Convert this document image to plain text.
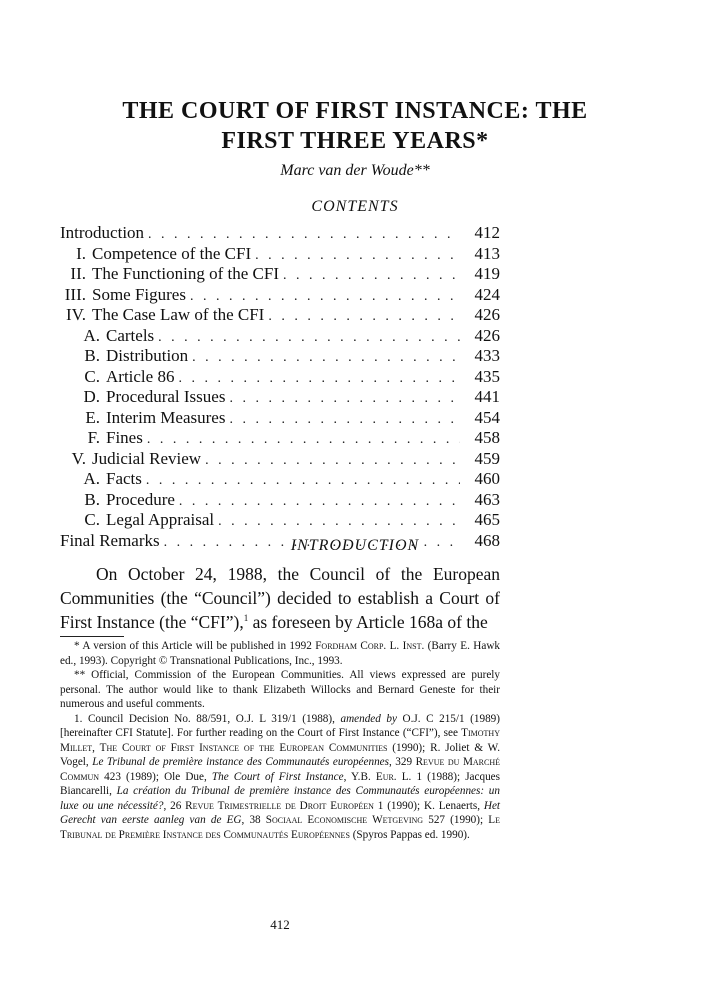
THE COURT OF FIRST INSTANCE: THE
FIRST THREE YEARS*
Marc van der Woude**
CONTENTS
Introduction . . .	412
I. Competence of the CFI . . .	413
II. The Functioning of the CFI . . .	419
III. Some Figures . . .	424
IV. The Case Law of the CFI . . .	426
A. Cartels . . .	426
B. Distribution . . .	433
C. Article 86 . . .	435
D. Procedural Issues . . .	441
E. Interim Measures . . .	454
F. Fines . . .	458
V. Judicial Review . . .	459
A. Facts . . .	460
B. Procedure . . .	463
C. Legal Appraisal . . .	465
Final Remarks . . .	468
INTRODUCTION

On October 24, 1988, the Council of the European Communities (the “Council”) decided to establish a Court of First Instance (the “CFI”),$^1$ as foreseen by Article 168a of the

* A version of this Article will be published in 1992 Fordham Corp. L. Inst. (Barry E. Hawk ed., 1993). Copyright © Transnational Publications, Inc., 1993.

** Official, Commission of the European Communities. All views expressed are purely personal. The author would like to thank Elizabeth Willocks and Bernard Geneste for their numerous and useful comments.

1. Council Decision No. 88/591, O.J. L 319/1 (1988), amended by O.J. C 215/1 (1989) [hereinafter CFI Statute]. For further reading on the Court of First Instance (“CFI”), see Timothy Millet, The Court of First Instance of the European Communities (1990); R. Joliet & W. Vogel, Le Tribunal de première instance des Communautés européennes, 329 Revue du Marché Commun 423 (1989); Ole Due, The Court of First Instance, Y.B. Eur. L. 1 (1988); Jacques Biancarelli, La création du Tribunal de première instance des Communautés européennes: un luxe ou une nécessité?, 26 Revue Trimestrielle de Droit Européen 1 (1990); K. Lenaerts, Het Gerecht van eerste aanleg van de EG, 38 Sociaal Economische Wetgeving 527 (1990); Le Tribunal de Première Instance des Communautés Européennes (Spyros Pappas ed. 1990).

412
